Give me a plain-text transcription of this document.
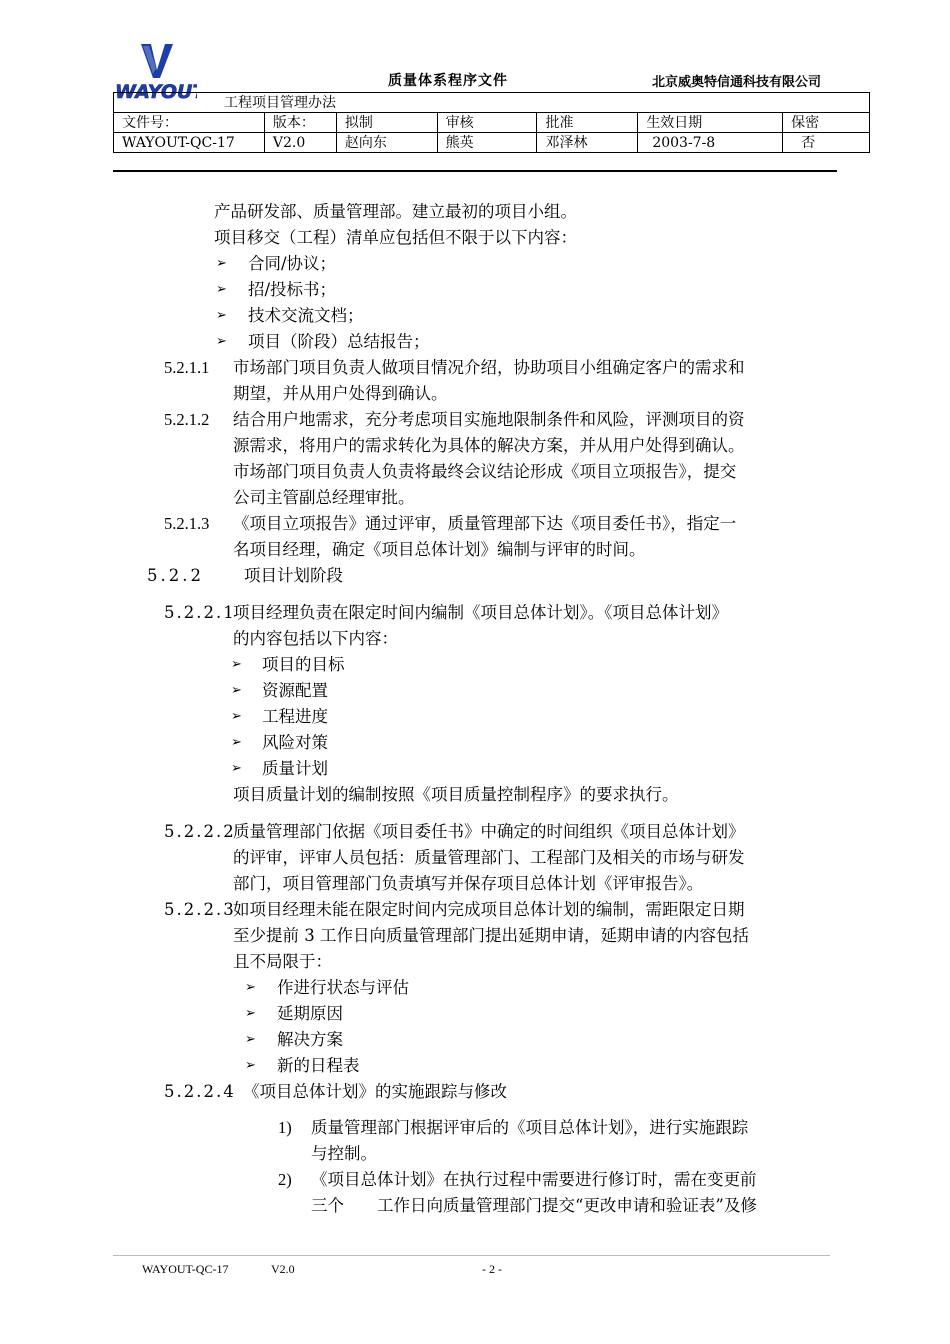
WAYOUT	质量体系程序文件	北京威奥特信通科技有限公司
工程项目管理办法						
文件号：	版本：	拟制	审核	批准	生效日期	保密
WAYOUT-QC-17	V2.0	赵向东	熊英	邓泽林	2003-7-8	否
产品研发部、质量管理部。建立最初的项目小组。
项目移交（工程）清单应包括但不限于以下内容：
➢ 合同/协议；
➢ 招/投标书；
➢ 技术交流文档；
➢ 项目（阶段）总结报告；
5.2.1.1 市场部门项目负责人做项目情况介绍，协助项目小组确定客户的需求和
期望，并从用户处得到确认。
5.2.1.2 结合用户地需求，充分考虑项目实施地限制条件和风险，评测项目的资
源需求，将用户的需求转化为具体的解决方案，并从用户处得到确认。
市场部门项目负责人负责将最终会议结论形成《项目立项报告》，提交
公司主管副总经理审批。
5.2.1.3 《项目立项报告》通过评审，质量管理部下达《项目委任书》，指定一
名项目经理，确定《项目总体计划》编制与评审的时间。
5.2.2 项目计划阶段
5.2.2.1
项目经理负责在限定时间内编制《项目总体计划》。《项目总体计划》
的内容包括以下内容：
➢ 项目的目标
➢ 资源配置
➢ 工程进度
➢ 风险对策
➢ 质量计划
项目质量计划的编制按照《项目质量控制程序》的要求执行。
5.2.2.2
质量管理部门依据《项目委任书》中确定的时间组织《项目总体计划》
的评审，评审人员包括：质量管理部门、工程部门及相关的市场与研发
部门，项目管理部门负责填写并保存项目总体计划《评审报告》。
5.2.2.3
如项目经理未能在限定时间内完成项目总体计划的编制，需距限定日期
至少提前 3 工作日向质量管理部门提出延期申请，延期申请的内容包括
且不局限于：
➢ 作进行状态与评估
➢ 延期原因
➢ 解决方案
➢ 新的日程表
5.2.2.4 《项目总体计划》的实施跟踪与修改
1) 质量管理部门根据评审后的《项目总体计划》，进行实施跟踪
与控制。
2) 《项目总体计划》在执行过程中需要进行修订时，需在变更前
三个　　工作日向质量管理部门提交“更改申请和验证表”及修
WAYOUT-QC-17	V2.0	- 2 -
